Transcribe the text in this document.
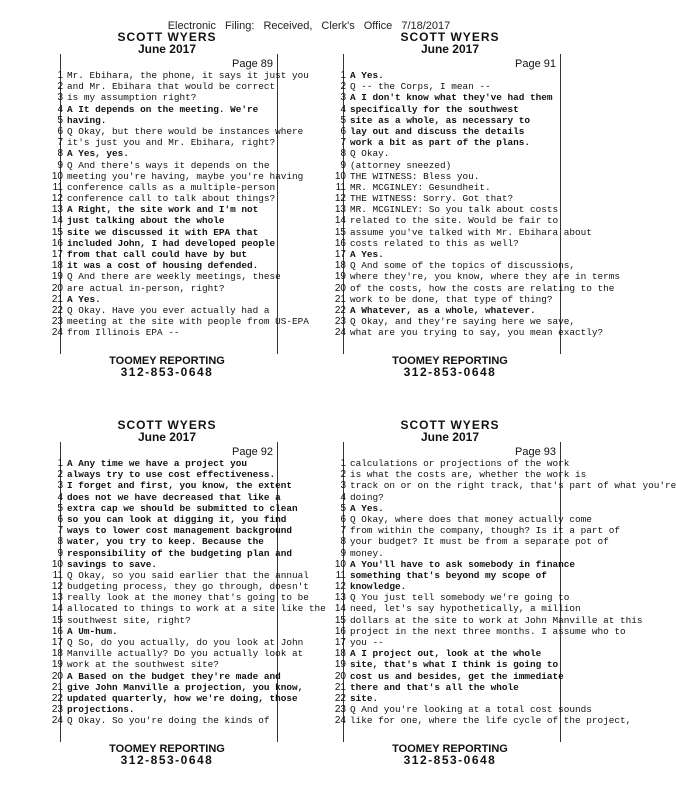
Electronic Filing: Received, Clerk's Office 7/18/2017
SCOTT WYERS
June 2017
Page 89
1 Mr. Ebihara, the phone, it says it just you
2 and Mr. Ebihara that would be correct
3 is my assumption right?
4 A It depends on the meeting. We're
5 having.
6 Q Okay, but there would be instances where
7 it's just you and Mr. Ebihara, right?
8 A Yes, yes.
9 Q And there's ways it depends on the
10 meeting you're having, maybe you're having
11 conference calls as a multiple-person
12 conference call to talk about things?
13 A Right, the site work and I'm not
14 just talking about the whole
15 site we discussed it with EPA that
16 included John, I had developed people
17 from that call could have by but
18 it was a cost of housing defended.
19 Q And there are weekly meetings, these
20 are actual in-person, right?
21 A Yes.
22 Q Okay. Have you ever actually had a
23 meeting at the site with people from US-EPA
24 from Illinois EPA --
TOOMEY REPORTING
312-853-0648
SCOTT WYERS
June 2017
Page 91
1 A Yes.
2 Q -- the Corps, I mean --
3 A I don't know what they've had them
4 specifically for the southwest
5 site as a whole, as necessary to
6 lay out and discuss the details
7 work a bit as part of the plans.
8 Q Okay.
9 (attorney sneezed)
10 THE WITNESS: Bless you.
11 MR. MCGINLEY: Gesundheit.
12 THE WITNESS: Sorry. Got that?
13 MR. MCGINLEY: So you talk about costs
14 related to the site. Would be fair to
15 assume you've talked with Mr. Ebihara about
16 costs related to this as well?
17 A Yes.
18 Q And some of the topics of discussions,
19 where they're, you know, where they are in terms
20 of the costs, how the costs are relating to the
21 work to be done, that type of thing?
22 A Whatever, as a whole, whatever.
23 Q Okay, and they're saying here we save,
24 what are you trying to say, you mean exactly?
TOOMEY REPORTING
312-853-0648
SCOTT WYERS
June 2017
Page 92
1 A Any time we have a project you
2 always try to use cost effectiveness.
3 I forget and first, you know, the extent
4 does not we have decreased that like a
5 extra cap we should be submitted to clean
6 so you can look at digging it, you find
7 ways to lower cost management background
8 water, you try to keep. Because the
9 responsibility of the budgeting plan and
10 savings to save.
11 Q Okay, so you said earlier that the annual
12 budgeting process, they go through, doesn't
13 really look at the money that's going to be
14 allocated to things to work at a site like the
15 southwest site, right?
16 A Um-hum.
17 Q So, do you actually, do you look at John
18 Manville actually? Do you actually look at
19 work at the southwest site?
20 A Based on the budget they're made and
21 give John Manville a projection, you know,
22 updated quarterly, how we're doing, those
23 projections.
24 Q Okay. So you're doing the kinds of
TOOMEY REPORTING
312-853-0648
SCOTT WYERS
June 2017
Page 93
1 calculations or projections of the work
2 is what the costs are, whether the work is
3 track on or on the right track, that's part of what you're
4 doing?
5 A Yes.
6 Q Okay, where does that money actually come
7 from within the company, though? Is it a part of
8 your budget? It must be from a separate pot of
9 money.
10 A You'll have to ask somebody in finance
11 something that's beyond my scope of
12 knowledge.
13 Q You just tell somebody we're going to
14 need, let's say hypothetically, a million
15 dollars at the site to work at John Manville at this
16 project in the next three months. I assume who to
17 you --
18 A I project out, look at the whole
19 site, that's what I think is going to
20 cost us and besides, get the immediate
21 there and that's all the whole
22 site.
23 Q And you're looking at a total cost sounds
24 like for one, where the life cycle of the project,
TOOMEY REPORTING
312-853-0648
